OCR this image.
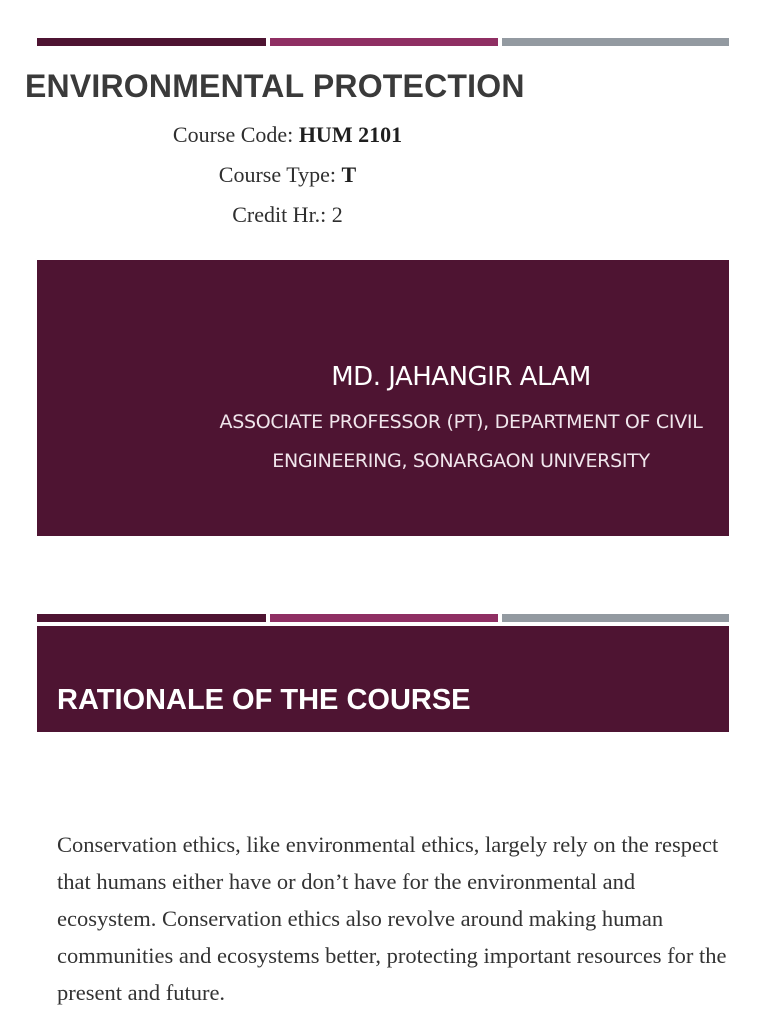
ENVIRONMENTAL PROTECTION
Course Code: HUM 2101
Course Type: T
Credit Hr.: 2
MD. JAHANGIR ALAM
ASSOCIATE PROFESSOR (PT), DEPARTMENT OF CIVIL
ENGINEERING, SONARGAON UNIVERSITY
RATIONALE OF THE COURSE

Conservation ethics, like environmental ethics, largely rely on the respect that humans either have or don’t have for the environmental and ecosystem. Conservation ethics also revolve around making human communities and ecosystems better, protecting important resources for the present and future.
